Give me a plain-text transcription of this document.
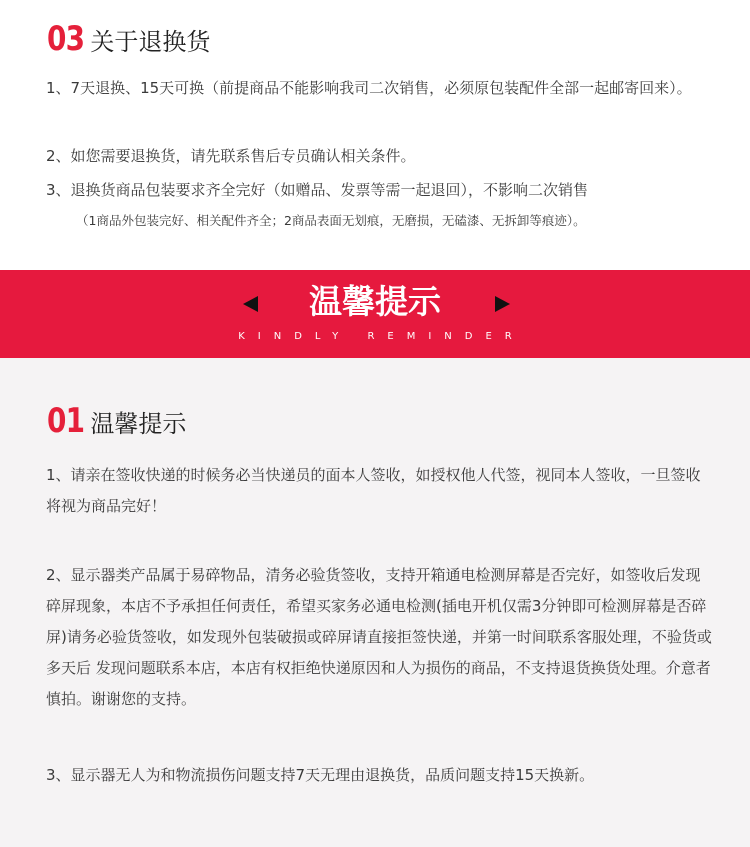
03 关于退换货
1、7天退换、15天可换（前提商品不能影响我司二次销售，必须原包装配件全部一起邮寄回来）。
2、如您需要退换货，请先联系售后专员确认相关条件。
3、退换货商品包装要求齐全完好（如赠品、发票等需一起退回），不影响二次销售
（1商品外包装完好、相关配件齐全；2商品表面无划痕，无磨损，无磕漆、无拆卸等痕迹）。
温馨提示
KINDLY REMINDER
01 温馨提示
1、请亲在签收快递的时候务必当快递员的面本人签收，如授权他人代签，视同本人签收，一旦签收将视为商品完好！
2、显示器类产品属于易碎物品，清务必验货签收，支持开箱通电检测屏幕是否完好，如签收后发现碎屏现象，本店不予承担任何责任，希望买家务必通电检测(插电开机仅需3分钟即可检测屏幕是否碎屏)请务必验货签收，如发现外包装破损或碎屏请直接拒签快递，并第一时间联系客服处理，不验货或多天后 发现问题联系本店，本店有权拒绝快递原因和人为损伤的商品，不支持退货换货处理。介意者慎拍。谢谢您的支持。
3、显示器无人为和物流损伤问题支持7天无理由退换货，品质问题支持15天换新。
